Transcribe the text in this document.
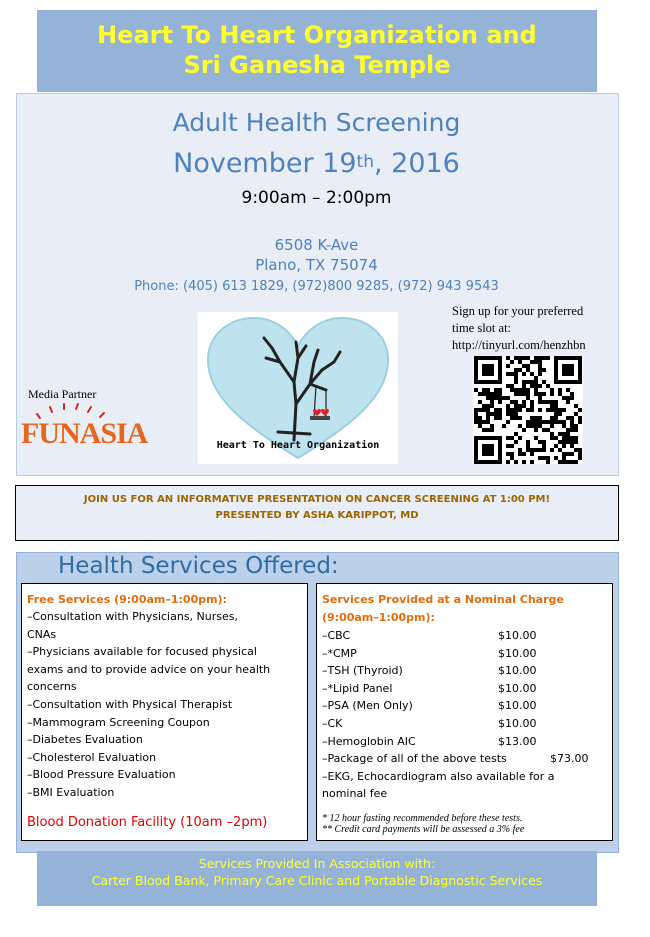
Heart To Heart Organization and
Sri Ganesha Temple
Adult Health Screening
November 19th, 2016
9:00am – 2:00pm
6508 K-Ave
Plano, TX 75074
Phone: (405) 613 1829, (972)800 9285, (972) 943 9543
Heart To Heart Organization
Sign up for your preferred
time slot at:
http://tinyurl.com/henzhbn
Media Partner
FUNASIA
JOIN US FOR AN INFORMATIVE PRESENTATION ON CANCER SCREENING AT 1:00 PM!
PRESENTED BY ASHA KARIPPOT, MD
Health Services Offered:
Free Services (9:00am–1:00pm):
–Consultation with Physicians, Nurses,
CNAs
–Physicians available for focused physical
exams and to provide advice on your health
concerns
–Consultation with Physical Therapist
–Mammogram Screening Coupon
–Diabetes Evaluation
–Cholesterol Evaluation
–Blood Pressure Evaluation
–BMI Evaluation
Blood Donation Facility (10am –2pm)
Services Provided at a Nominal Charge
(9:00am–1:00pm):
–CBC	$10.00
–*CMP	$10.00
–TSH (Thyroid)	$10.00
–*Lipid Panel	$10.00
–PSA (Men Only)	$10.00
–CK	$10.00
–Hemoglobin AIC	$13.00
–Package of all of the above tests	$73.00
–EKG, Echocardiogram also available for a
nominal fee
* 12 hour fasting recommended before these tests.
** Credit card payments will be assessed a 3% fee
Services Provided In Association with:
Carter Blood Bank, Primary Care Clinic and Portable Diagnostic Services
